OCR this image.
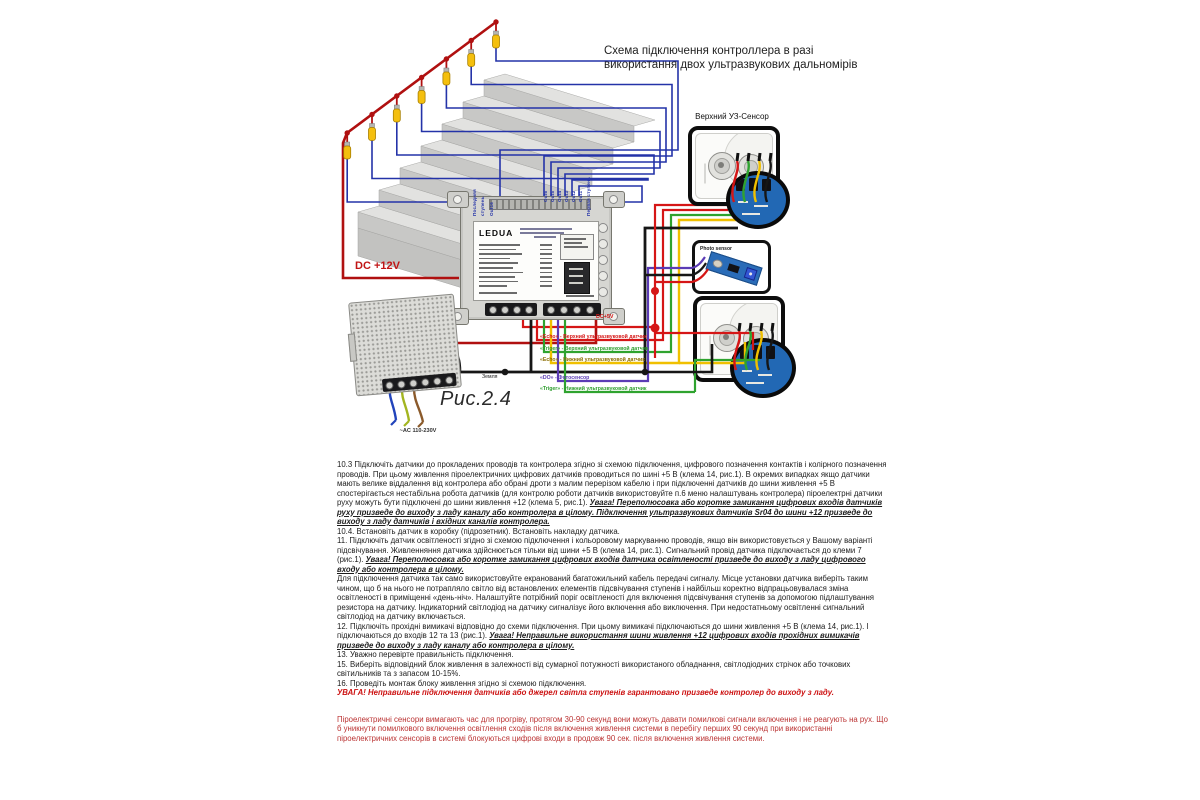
LEDUA
Photo sensor
Схема підключення контроллера в разі
використання двох ультразвукових дальномірів
Верхний УЗ-Сенсор
Рис.2.4
DC +12V
DC+5V
Земля
~AC 110-230V
Последняя ступень Out16
Out6 Out5 Out4 Out3 Out2 Out1 Первая ступень
«Echo» - Верхний ультразвуковой датчик
«Triger» - Верхний ультразвуковой датчик
«Echo» - Нижний ультразвуковой датчик
«DO» - Фотосенсор
«Triger» - Нижний ультразвуковой датчик
10.3 Підключіть датчики до прокладених проводів та контролера згідно зі схемою підключення, цифрового позначення контактів і колірного позначення проводів. При цьому живлення піроелектричних цифрових датчиків проводиться по шині +5 В (клема 14, рис.1). В окремих випадках якщо датчики мають велике віддалення від контролера або обрані дроти з малим перерізом кабелю і при підключенні датчиків до шини живлення +5 В спостерігається нестабільна робота датчиків (для контролю роботи датчиків використовуйте п.6 меню налаштувань контролера) піроелектрні датчики руху можуть бути підключені до шини живлення +12 (клема 5, рис.1). Увага! Переполюсовка або коротке замикання цифрових входів датчиків руху призведе до виходу з ладу каналу або контролера в цілому. Підключення ультразвукових датчиків Sr04 до шини +12 призведе до виходу з ладу датчиків і вхідних каналів контролера.
10.4. Встановіть датчик в коробку (підрозетник). Встановіть накладку датчика.
11. Підключіть датчик освітленості згідно зі схемою підключення і кольоровому маркуванню проводів, якщо він використовується у Вашому варіанті підсвічування. Живленняння датчика здійснюється тільки від шини +5 В (клема 14, рис.1). Сигнальний провід датчика підключається до клеми 7 (рис.1). Увага! Переполюсовка або коротке замикання цифрових входів датчика освітленості призведе до виходу з ладу цифрового входу або контролера в цілому.
Для підключення датчика так само використовуйте екранований багатожильний кабель передачі сигналу. Місце установки датчика виберіть таким чином, що б на нього не потрапляло світло від встановлених елементів підсвічування ступенів і найбільш коректно відпрацьовувалася зміна освітленості в приміщенні «день-ніч». Налаштуйте потрібний поріг освітленості для включення підсвічування ступенів за допомогою підлаштування резистора на датчику. Індикаторний світлодіод на датчику сигналізує його включення або виключення. При недостатньому освітленні сигнальний світлодіод на датчику включається.
12. Підключіть прохідні вимикачі відповідно до схеми підключення. При цьому вимикачі підключаються до шини живлення +5 В (клема 14, рис.1). І підключаються до входів 12 та 13 (рис.1). Увага! Неправильне використання шини живлення +12 цифрових входів прохідних вимикачів призведе до виходу з ладу каналу або контролера в цілому.
13. Уважно перевірте правильність підключення.
15. Виберіть відповідний блок живлення в залежності від сумарної потужності використаного обладнання, світлодіодних стрічок або точкових світильників та з запасом 10-15%.
16. Проведіть монтаж блоку живлення згідно зі схемою підключення.
УВАГА! Неправильне підключення датчиків або джерел світла ступенів гарантовано призведе контролер до виходу з ладу.
Піроелектричні сенсори вимагають час для прогріву, протягом 30-90 секунд вони можуть давати помилкові сигнали включення і не реагують на рух. Що б уникнути помилкового включення освітлення сходів після включення живлення системи в перебігу перших 90 секунд при використанні піроелектричних сенсорів в системі блокуються цифрові входи в продовж 90 сек. після включення живлення системи.
